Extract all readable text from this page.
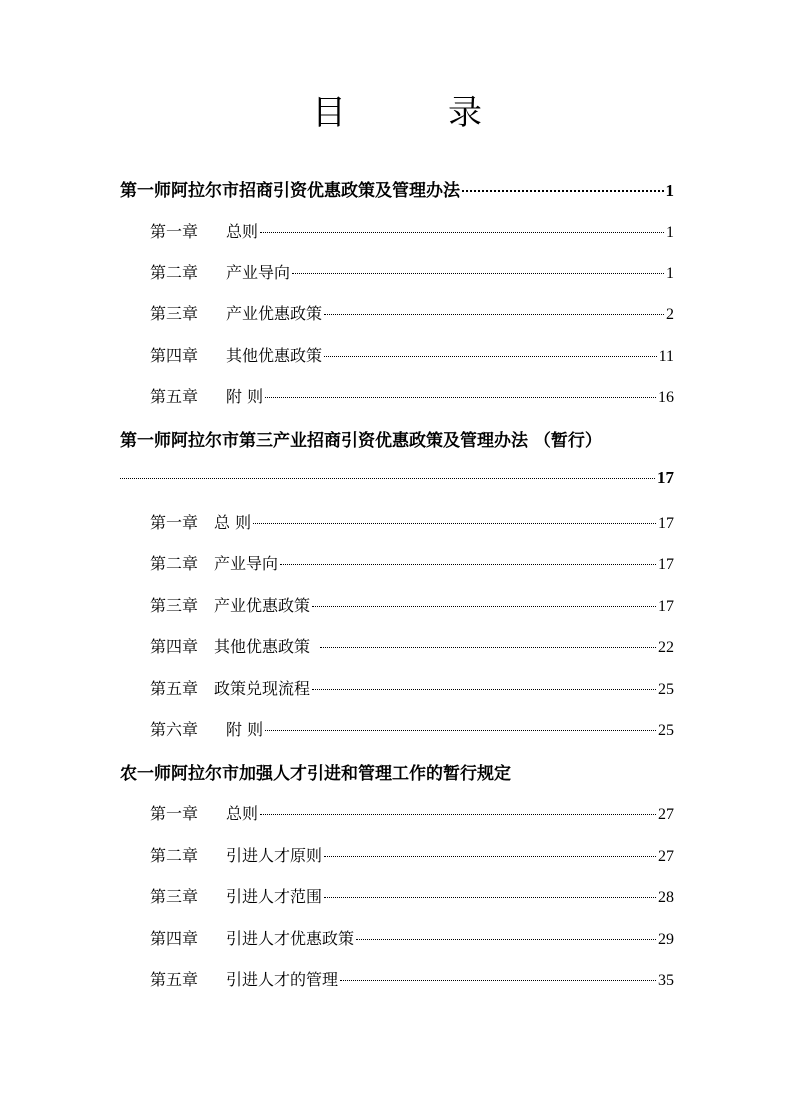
目　录
第一师阿拉尔市招商引资优惠政策及管理办法	1
第一章	总则	1
第二章	产业导向	1
第三章	产业优惠政策	2
第四章	其他优惠政策	11
第五章	附 则	16
第一师阿拉尔市第三产业招商引资优惠政策及管理办法 （暂行）
17
第一章 总 则	17
第二章 产业导向	17
第三章 产业优惠政策	17
第四章 其他优惠政策	22
第五章 政策兑现流程	25
第六章	附 则	25
农一师阿拉尔市加强人才引进和管理工作的暂行规定
第一章	总则	27
第二章	引进人才原则	27
第三章	引进人才范围	28
第四章	引进人才优惠政策	29
第五章	引进人才的管理	35
